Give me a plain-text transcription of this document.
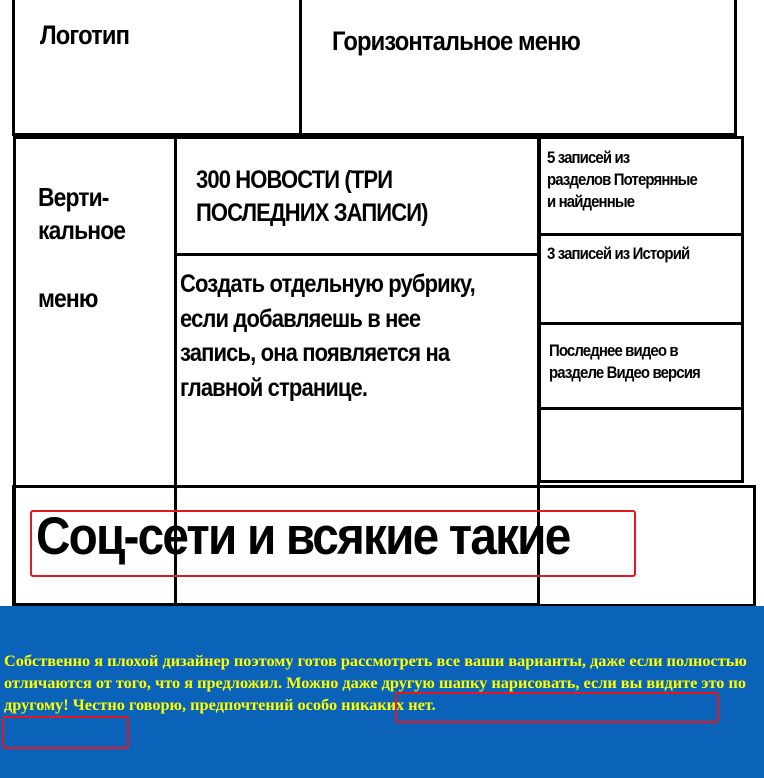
Логотип	Горизонтальное меню
Верти-
кальное
меню
300 НОВОСТИ (ТРИ
ПОСЛЕДНИХ ЗАПИСИ)
Создать отдельную рубрику,
если добавляешь в нее
запись, она появляется на
главной странице.
5 записей из
разделов Потерянные
и найденные
3 записей из Историй
Последнее видео в
разделе Видео версия
Соц-сети и всякие такие

Собственно я плохой дизайнер поэтому готов рассмотреть все ваши варианты, даже если полностью отличаются от того, что я предложил. Можно даже другую шапку нарисовать, если вы видите это по другому! Честно говорю, предпочтений особо никаких нет.
